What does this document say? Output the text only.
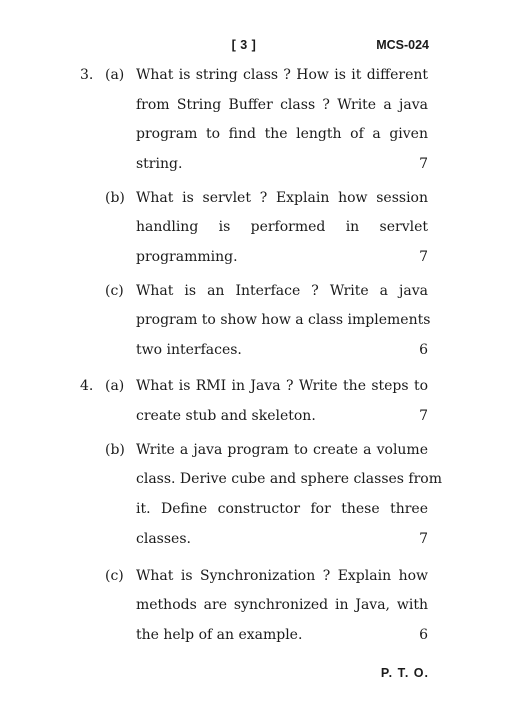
[ 3 ]	MCS-024
3. (a) What is string class ? How is it different
from String Buffer class ? Write a java
program to find the length of a given
string.	7
(b) What is servlet ? Explain how session
handling is performed in servlet
programming.	7
(c) What is an Interface ? Write a java
program to show how a class implements
two interfaces.	6
4. (a) What is RMI in Java ? Write the steps to
create stub and skeleton.	7
(b) Write a java program to create a volume
class. Derive cube and sphere classes from
it. Define constructor for these three
classes.	7
(c) What is Synchronization ? Explain how
methods are synchronized in Java, with
the help of an example.	6
P. T. O.
